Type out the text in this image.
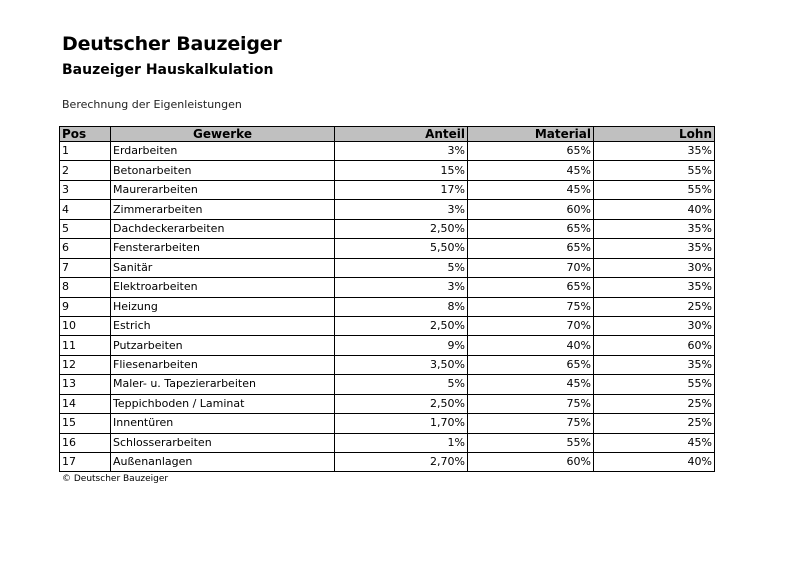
Deutscher Bauzeiger
Bauzeiger Hauskalkulation

Berechnung der Eigenleistungen

Pos	Gewerke	Anteil	Material	Lohn
1	Erdarbeiten	3%	65%	35%
2	Betonarbeiten	15%	45%	55%
3	Maurerarbeiten	17%	45%	55%
4	Zimmerarbeiten	3%	60%	40%
5	Dachdeckerarbeiten	2,50%	65%	35%
6	Fensterarbeiten	5,50%	65%	35%
7	Sanitär	5%	70%	30%
8	Elektroarbeiten	3%	65%	35%
9	Heizung	8%	75%	25%
10	Estrich	2,50%	70%	30%
11	Putzarbeiten	9%	40%	60%
12	Fliesenarbeiten	3,50%	65%	35%
13	Maler- u. Tapezierarbeiten	5%	45%	55%
14	Teppichboden / Laminat	2,50%	75%	25%
15	Innentüren	1,70%	75%	25%
16	Schlosserarbeiten	1%	55%	45%
17	Außenanlagen	2,70%	60%	40%

© Deutscher Bauzeiger
